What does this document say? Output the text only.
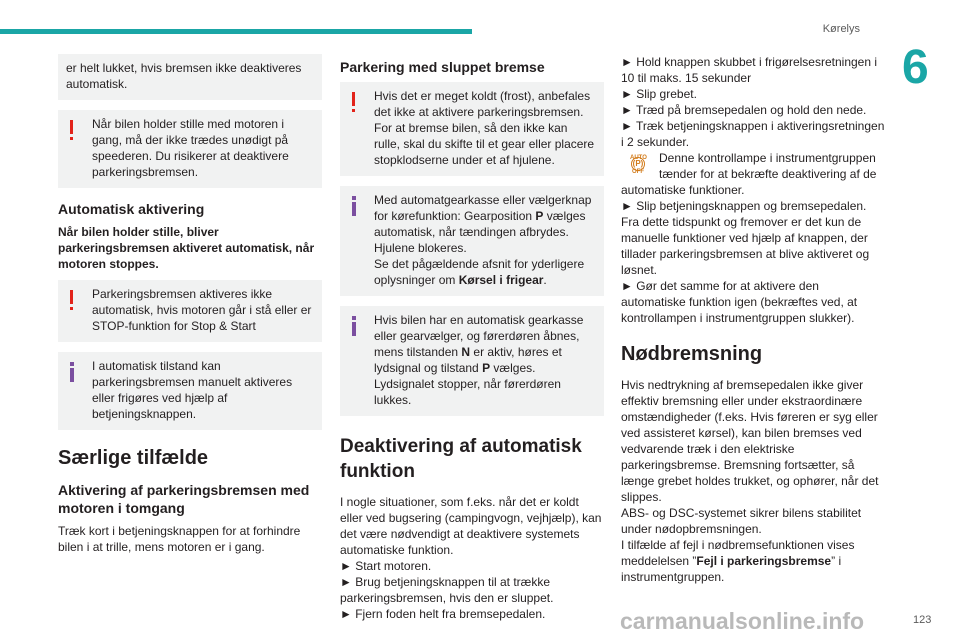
Kørelys
6
er helt lukket, hvis bremsen ikke deaktiveres automatisk.
Når bilen holder stille med motoren i gang, må der ikke trædes unødigt på speederen. Du risikerer at deaktivere parkeringsbremsen.
Automatisk aktivering
Når bilen holder stille, bliver parkeringsbremsen aktiveret automatisk, når motoren stoppes.
Parkeringsbremsen aktiveres ikke automatisk, hvis motoren går i stå eller er STOP-funktion for Stop & Start
I automatisk tilstand kan parkeringsbremsen manuelt aktiveres eller frigøres ved hjælp af betjeningsknappen.
Særlige tilfælde
Aktivering af parkeringsbremsen med motoren i tomgang
Træk kort i betjeningsknappen for at forhindre bilen i at trille, mens motoren er i gang.
Parkering med sluppet bremse
Hvis det er meget koldt (frost), anbefales det ikke at aktivere parkeringsbremsen. For at bremse bilen, så den ikke kan rulle, skal du skifte til et gear eller placere stopklodserne under et af hjulene.
Med automatgearkasse eller vælgerknap for kørefunktion: Gearposition P vælges automatisk, når tændingen afbrydes. Hjulene blokeres.
Se det pågældende afsnit for yderligere oplysninger om Kørsel i frigear.
Hvis bilen har en automatisk gearkasse eller gearvælger, og førerdøren åbnes, mens tilstanden N er aktiv, høres et lydsignal og tilstand P vælges. Lydsignalet stopper, når førerdøren lukkes.
Deaktivering af automatisk funktion
I nogle situationer, som f.eks. når det er koldt eller ved bugsering (campingvogn, vejhjælp), kan det være nødvendigt at deaktivere systemets automatiske funktion.
► Start motoren.
► Brug betjeningsknappen til at trække parkeringsbremsen, hvis den er sluppet.
► Fjern foden helt fra bremsepedalen.
► Hold knappen skubbet i frigørelsesretningen i 10 til maks. 15 sekunder
► Slip grebet.
► Træd på bremsepedalen og hold den nede.
► Træk betjeningsknappen i aktiveringsretningen i 2 sekunder.
AUTO
(P)
OFF
Denne kontrollampe i instrumentgruppen tænder for at bekræfte deaktivering af de automatiske funktioner.
► Slip betjeningsknappen og bremsepedalen.
Fra dette tidspunkt og fremover er det kun de manuelle funktioner ved hjælp af knappen, der tillader parkeringsbremsen at blive aktiveret og løsnet.
► Gør det samme for at aktivere den automatiske funktion igen (bekræftes ved, at kontrollampen i instrumentgruppen slukker).
Nødbremsning
Hvis nedtrykning af bremsepedalen ikke giver effektiv bremsning eller under ekstraordinære omstændigheder (f.eks. Hvis føreren er syg eller ved assisteret kørsel), kan bilen bremses ved vedvarende træk i den elektriske parkeringsbremse. Bremsning fortsætter, så længe grebet holdes trukket, og ophører, når det slippes.
ABS- og DSC-systemet sikrer bilens stabilitet under nødopbremsningen.
I tilfælde af fejl i nødbremsefunktionen vises meddelelsen ”Fejl i parkeringsbremse” i instrumentgruppen.
carmanualsonline.info	123
